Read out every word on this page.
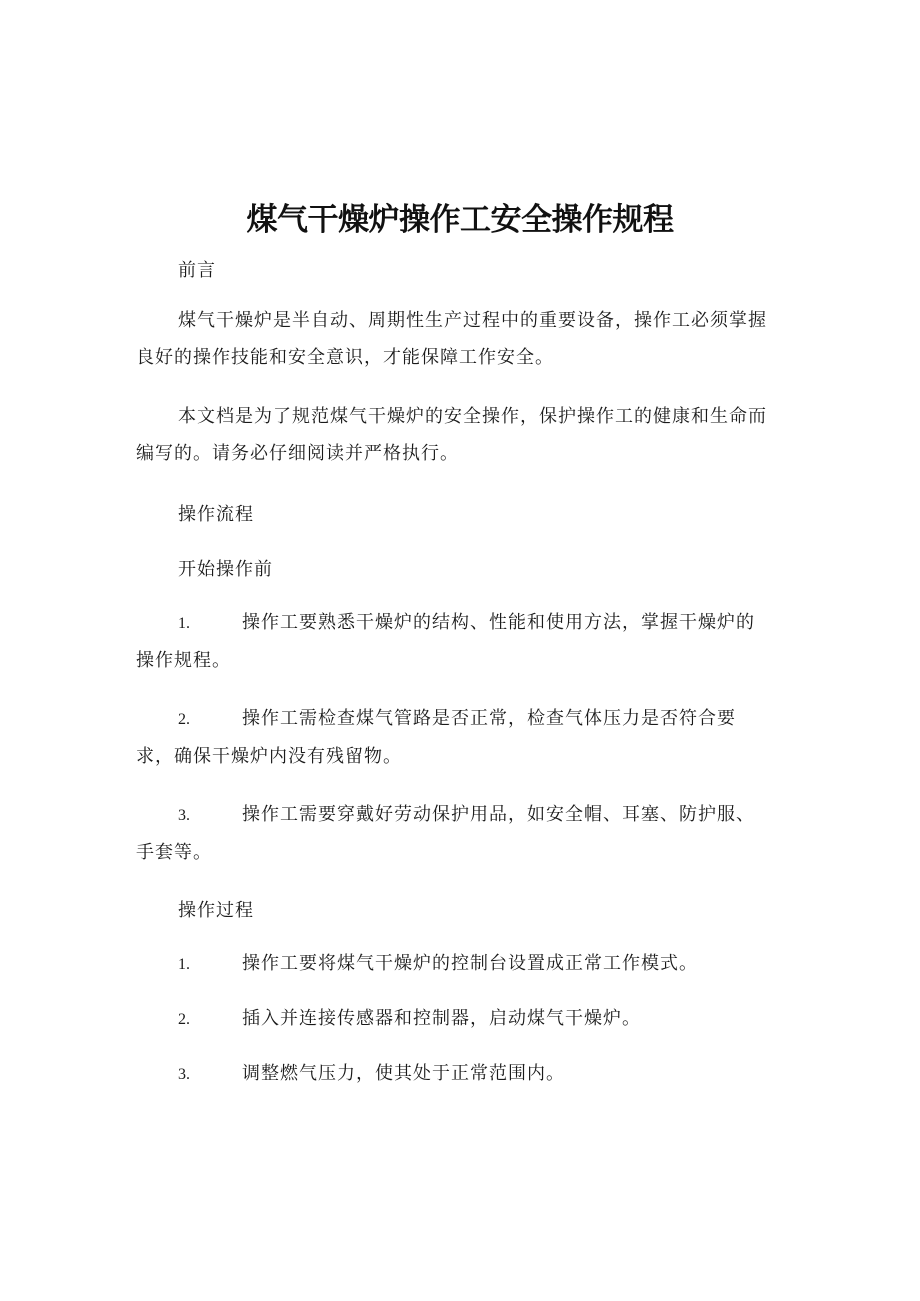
煤气干燥炉操作工安全操作规程

前言

煤气干燥炉是半自动、周期性生产过程中的重要设备，操作工必须掌握良好的操作技能和安全意识，才能保障工作安全。

本文档是为了规范煤气干燥炉的安全操作，保护操作工的健康和生命而编写的。请务必仔细阅读并严格执行。

操作流程

开始操作前

1.	操作工要熟悉干燥炉的结构、性能和使用方法，掌握干燥炉的操作规程。

2.	操作工需检查煤气管路是否正常，检查气体压力是否符合要求，确保干燥炉内没有残留物。

3.	操作工需要穿戴好劳动保护用品，如安全帽、耳塞、防护服、手套等。

操作过程

1.	操作工要将煤气干燥炉的控制台设置成正常工作模式。

2.	插入并连接传感器和控制器，启动煤气干燥炉。

3.	调整燃气压力，使其处于正常范围内。
